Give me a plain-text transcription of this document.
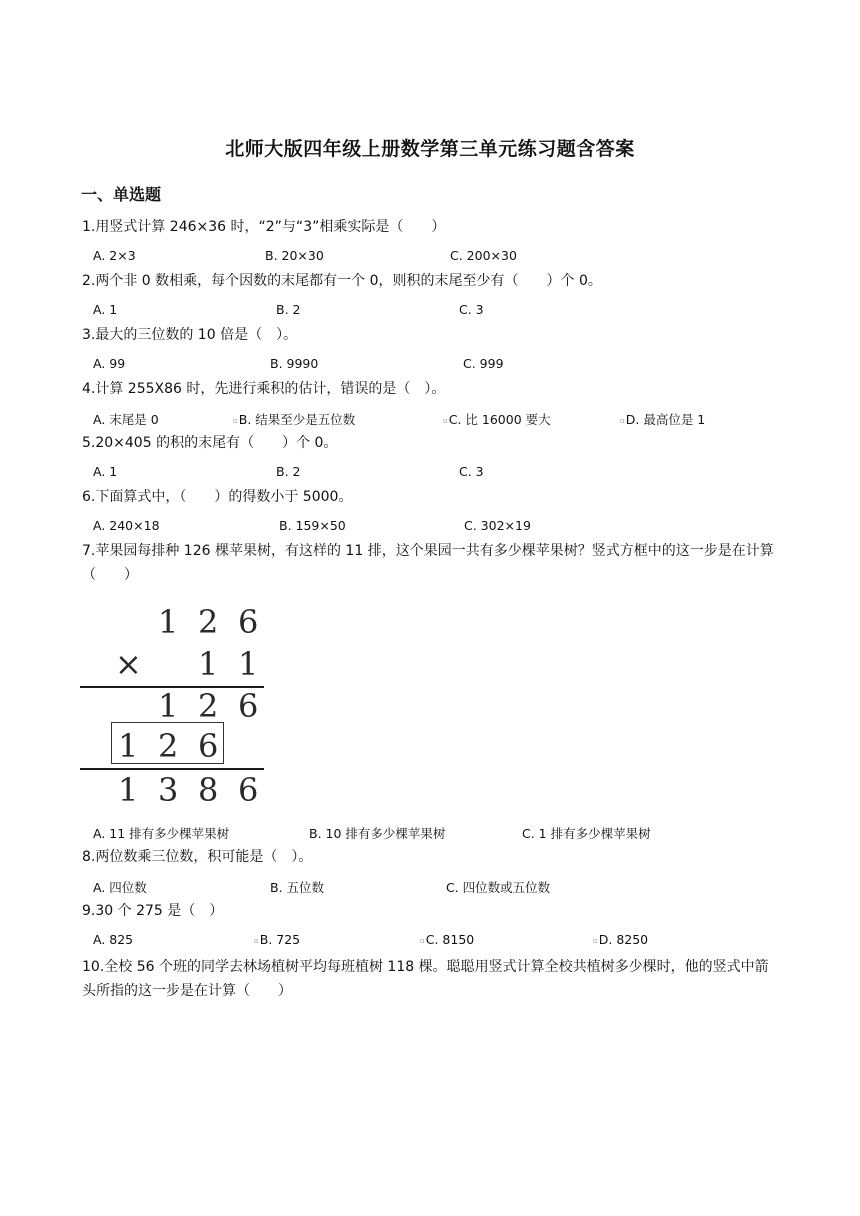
北师大版四年级上册数学第三单元练习题含答案
一、单选题
1.用竖式计算 246×36 时，“2”与“3”相乘实际是（　　）
A. 2×3	B. 20×30	C. 200×30
2.两个非 0 数相乘，每个因数的末尾都有一个 0，则积的末尾至少有（　　）个 0。
A. 1	B. 2	C. 3
3.最大的三位数的 10 倍是（　）。
A. 99	B. 9990	C. 999
4.计算 255X86 时，先进行乘积的估计，错误的是（　）。
A. 末尾是 0	▫B. 结果至少是五位数	▫C. 比 16000 要大	▫D. 最高位是 1
5.20×405 的积的末尾有（　　）个 0。
A. 1	B. 2	C. 3
6.下面算式中，（　　）的得数小于 5000。
A. 240×18	B. 159×50	C. 302×19
7.苹果园每排种 126 棵苹果树，有这样的 11 排，这个果园一共有多少棵苹果树？竖式方框中的这一步是在计算（　　）
1 2 6
× 1 1
1 2 6
1 2 6
1 3 8 6
A. 11 排有多少棵苹果树	B. 10 排有多少棵苹果树	C. 1 排有多少棵苹果树
8.两位数乘三位数，积可能是（　）。
A. 四位数	B. 五位数	C. 四位数或五位数
9.30 个 275 是（　）
A. 825	▫B. 725	▫C. 8150	▫D. 8250
10.全校 56 个班的同学去林场植树平均每班植树 118 棵。聪聪用竖式计算全校共植树多少棵时，他的竖式中箭头所指的这一步是在计算（　　）
